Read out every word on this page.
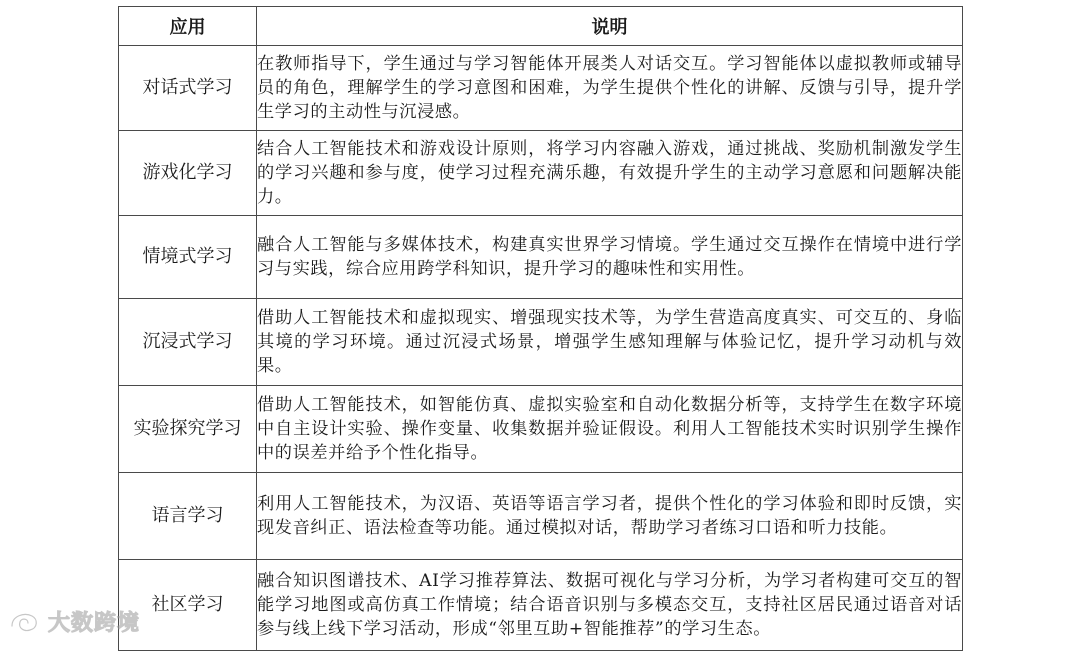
应用	说明
对话式学习	在教师指导下，学生通过与学习智能体开展类人对话交互。学习智能体以虚拟教师或辅导员的角色，理解学生的学习意图和困难，为学生提供个性化的讲解、反馈与引导，提升学生学习的主动性与沉浸感。
游戏化学习	结合人工智能技术和游戏设计原则，将学习内容融入游戏，通过挑战、奖励机制激发学生的学习兴趣和参与度，使学习过程充满乐趣，有效提升学生的主动学习意愿和问题解决能力。
情境式学习	融合人工智能与多媒体技术，构建真实世界学习情境。学生通过交互操作在情境中进行学习与实践，综合应用跨学科知识，提升学习的趣味性和实用性。
沉浸式学习	借助人工智能技术和虚拟现实、增强现实技术等，为学生营造高度真实、可交互的、身临其境的学习环境。通过沉浸式场景，增强学生感知理解与体验记忆，提升学习动机与效果。
实验探究学习	借助人工智能技术，如智能仿真、虚拟实验室和自动化数据分析等，支持学生在数字环境中自主设计实验、操作变量、收集数据并验证假设。利用人工智能技术实时识别学生操作中的误差并给予个性化指导。
语言学习	利用人工智能技术，为汉语、英语等语言学习者，提供个性化的学习体验和即时反馈，实现发音纠正、语法检查等功能。通过模拟对话，帮助学习者练习口语和听力技能。
社区学习	融合知识图谱技术、AI学习推荐算法、数据可视化与学习分析，为学习者构建可交互的智能学习地图或高仿真工作情境；结合语音识别与多模态交互，支持社区居民通过语音对话参与线上线下学习活动，形成“邻里互助+智能推荐”的学习生态。
大数跨境
